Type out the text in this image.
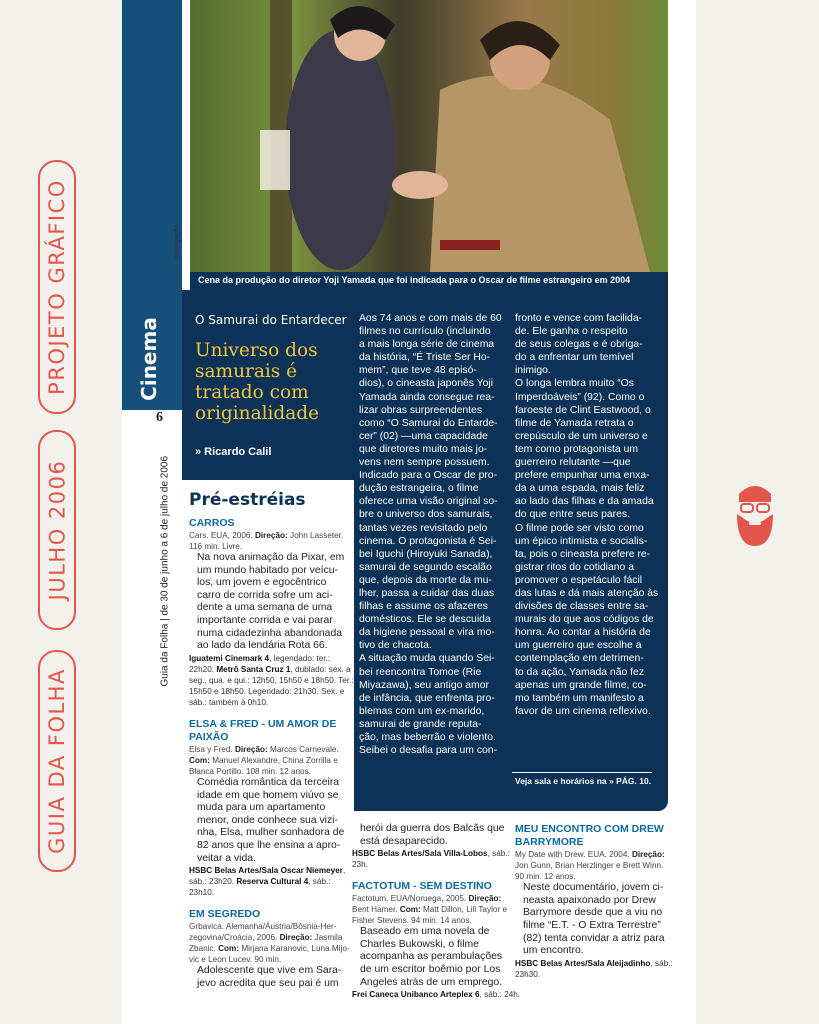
GUIA DA FOLHA
JULHO 2006
PROJETO GRÁFICO	Cinema
Divulgação
Cena da produção do diretor Yoji Yamada que foi indicada para o Oscar de filme estrangeiro em 2004
6
Guia da Folha | de 30 de junho a 6 de julho de 2006
O Samurai do Entardecer
Universo dos
samurais é
tratado com
originalidade
» Ricardo Calil
Aos 74 anos e com mais de 60
filmes no currículo (incluindo
a mais longa série de cinema
da história, “É Triste Ser Ho-
mem”, que teve 48 episó-
dios), o cineasta japonês Yoji
Yamada ainda consegue rea-
lizar obras surpreendentes
como “O Samurai do Entarde-
cer” (02) —uma capacidade
que diretores muito mais jo-
vens nem sempre possuem.
Indicado para o Oscar de pro-
dução estrangeira, o filme
oferece uma visão original so-
bre o universo dos samurais,
tantas vezes revisitado pelo
cinema. O protagonista é Sei-
bei Iguchi (Hiroyuki Sanada),
samurai de segundo escalão
que, depois da morte da mu-
lher, passa a cuidar das duas
filhas e assume os afazeres
domésticos. Ele se descuida
da higiene pessoal e vira mo-
tivo de chacota.
A situação muda quando Sei-
bei reencontra Tomoe (Rie
Miyazawa), seu antigo amor
de infância, que enfrenta pro-
blemas com um ex-marido,
samurai de grande reputa-
ção, mas beberrão e violento.
Seibei o desafia para um con-
fronto e vence com facilida-
de. Ele ganha o respeito
de seus colegas e é obriga-
do a enfrentar um temível
inimigo.
O longa lembra muito “Os
Imperdoáveis” (92). Como o
faroeste de Clint Eastwood, o
filme de Yamada retrata o
crepúsculo de um universo e
tem como protagonista um
guerreiro relutante —que
prefere empunhar uma enxa-
da a uma espada, mais feliz
ao lado das filhas e da amada
do que entre seus pares.
O filme pode ser visto como
um épico intimista e socialis-
ta, pois o cineasta prefere re-
gistrar ritos do cotidiano a
promover o espetáculo fácil
das lutas e dá mais atenção às
divisões de classes entre sa-
murais do que aos códigos de
honra. Ao contar a história de
um guerreiro que escolhe a
contemplação em detrimen-
to da ação, Yamada não fez
apenas um grande filme, co-
mo também um manifesto a
favor de um cinema reflexivo.
Veja sala e horários na » PÁG. 10.
Pré-estréias
CARROS
Cars. EUA, 2006. Direção: John Lasseter.
116 min. Livre.
Na nova animação da Pixar, em
um mundo habitado por veícu-
los, um jovem e egocêntrico
carro de corrida sofre um aci-
dente a uma semana de uma
importante corrida e vai parar
numa cidadezinha abandonada
ao lado da lendária Rota 66.
Iguatemi Cinemark 4, legendado: ter.:
22h20. Metrô Santa Cruz 1, dublado: sex. a
seg., qua. e qui.: 12h50, 15h50 e 18h50. Ter.:
15h50 e 18h50. Legendado: 21h30. Sex. e
sáb.: também à 0h10.
ELSA & FRED - UM AMOR DE
PAIXÃO
Elsa y Fred. Direção: Marcos Carnevale.
Com: Manuel Alexandre, China Zorrilla e
Blanca Portillo. 108 min. 12 anos.
Comédia romântica da terceira
idade em que homem viúvo se
muda para um apartamento
menor, onde conhece sua vizi-
nha, Elsa, mulher sonhadora de
82 anos que lhe ensina a apro-
veitar a vida.
HSBC Belas Artes/Sala Oscar Niemeyer,
sáb.: 23h20. Reserva Cultural 4, sáb.:
23h10.
EM SEGREDO
Grbavica. Alemanha/Áustria/Bósnia-Her-
zegovina/Croácia, 2006. Direção: Jasmila
Zbanic. Com: Mirjana Karanovic, Luna Mijo-
vic e Leon Lucev. 90 min.
Adolescente que vive em Sara-
jevo acredita que seu pai é um
herói da guerra dos Balcãs que
está desaparecido.
HSBC Belas Artes/Sala Villa-Lobos, sáb.:
23h.
FACTOTUM - SEM DESTINO
Factotum. EUA/Noruega, 2005. Direção:
Bent Hamer. Com: Matt Dillon, Lili Taylor e
Fisher Stevens. 94 min. 14 anos.
Baseado em uma novela de
Charles Bukowski, o filme
acompanha as perambulações
de um escritor boêmio por Los
Angeles atrás de um emprego.
Frei Caneca Unibanco Arteplex 6, sáb.: 24h.
MEU ENCONTRO COM DREW
BARRYMORE
My Date with Drew. EUA, 2004. Direção:
Jon Gunn, Brian Herzlinger e Brett Winn.
90 min. 12 anos.
Neste documentário, jovem ci-
neasta apaixonado por Drew
Barrymore desde que a viu no
filme “E.T. - O Extra Terrestre”
(82) tenta convidar a atriz para
um encontro.
HSBC Belas Artes/Sala Aleijadinho, sáb.:
23h30.
